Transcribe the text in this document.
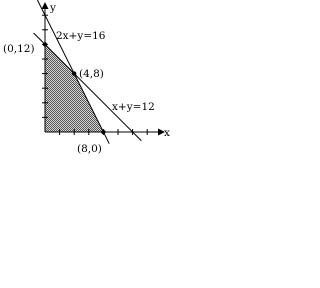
x
y
2x+y=16
x+y=12
(0,12)
(4,8)
(8,0)
